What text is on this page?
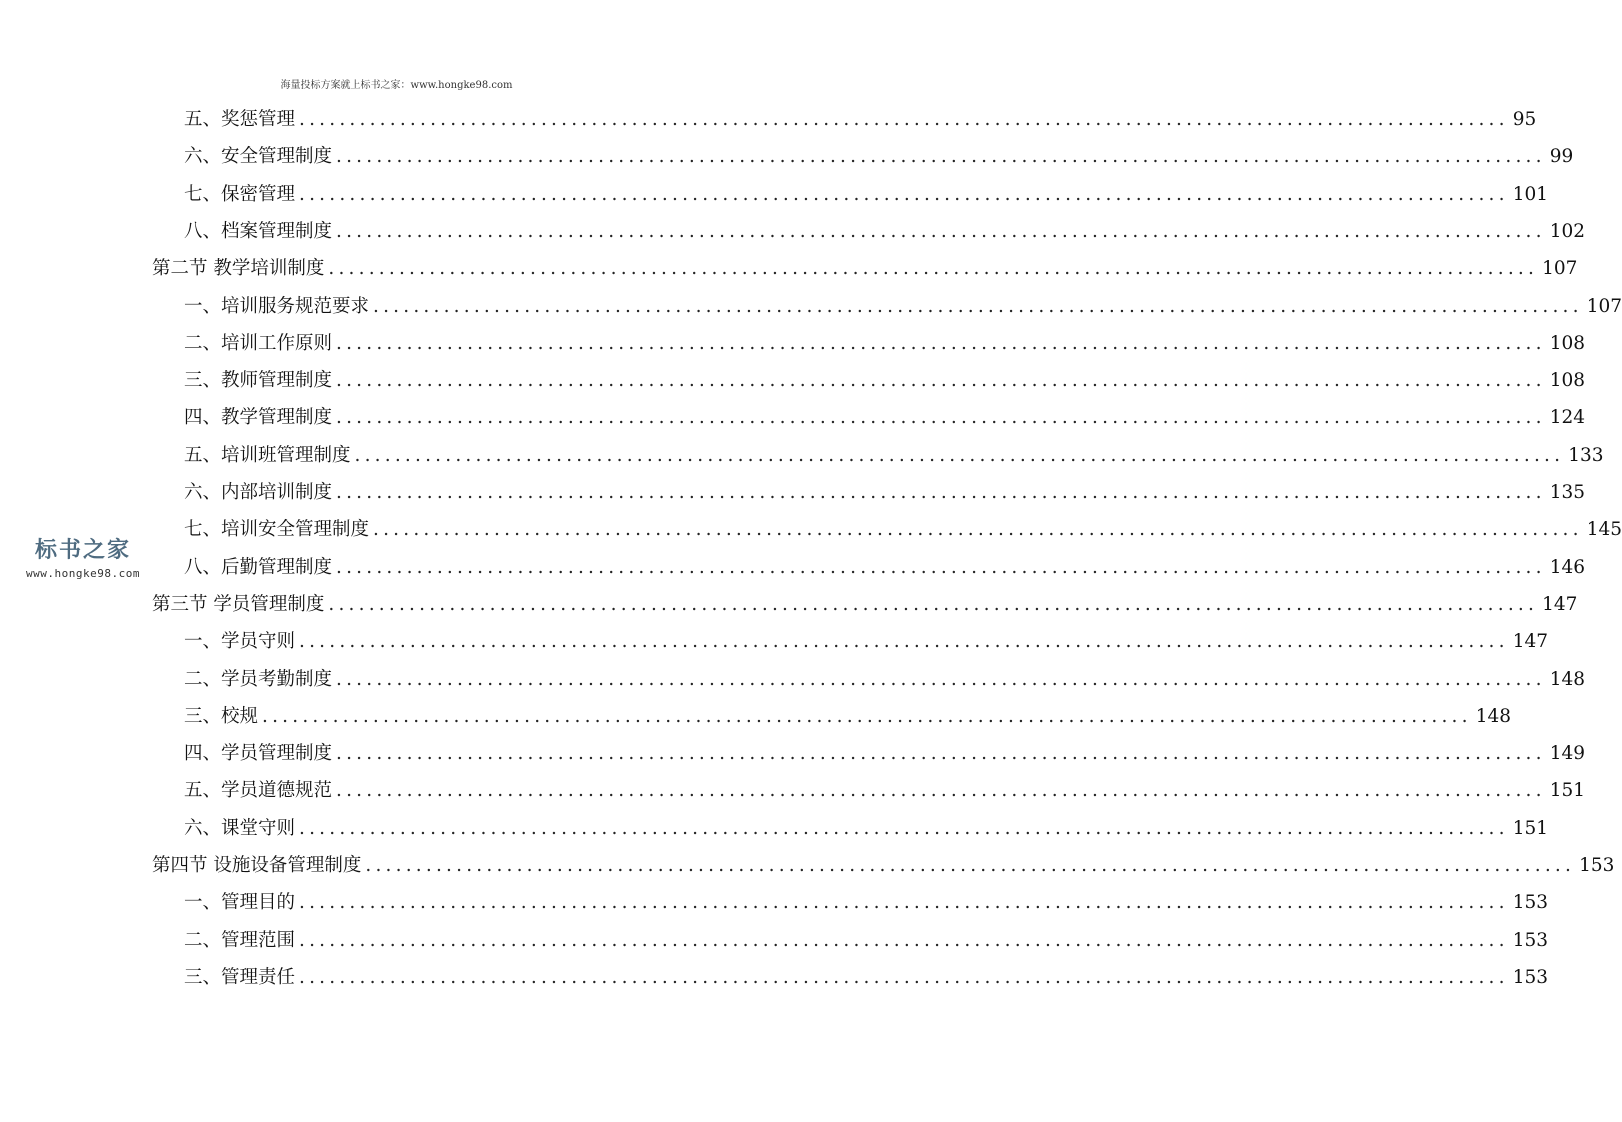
海量投标方案就上标书之家：www.hongke98.com
五、奖惩管理 ........................................................................................................................ 95
六、安全管理制度 ........................................................................................................................ 99
七、保密管理 ........................................................................................................................ 101
八、档案管理制度 ........................................................................................................................ 102
第二节 教学培训制度 ........................................................................................................................ 107
一、培训服务规范要求 ........................................................................................................................ 107
二、培训工作原则 ........................................................................................................................ 108
三、教师管理制度 ........................................................................................................................ 108
四、教学管理制度 ........................................................................................................................ 124
五、培训班管理制度 ........................................................................................................................ 133
六、内部培训制度 ........................................................................................................................ 135
七、培训安全管理制度 ........................................................................................................................ 145
八、后勤管理制度 ........................................................................................................................ 146
第三节 学员管理制度 ........................................................................................................................ 147
一、学员守则 ........................................................................................................................ 147
二、学员考勤制度 ........................................................................................................................ 148
三、校规 ........................................................................................................................ 148
四、学员管理制度 ........................................................................................................................ 149
五、学员道德规范 ........................................................................................................................ 151
六、课堂守则 ........................................................................................................................ 151
第四节 设施设备管理制度 ........................................................................................................................ 153
一、管理目的 ........................................................................................................................ 153
二、管理范围 ........................................................................................................................ 153
三、管理责任 ........................................................................................................................ 153
标书之家
www.hongke98.com
